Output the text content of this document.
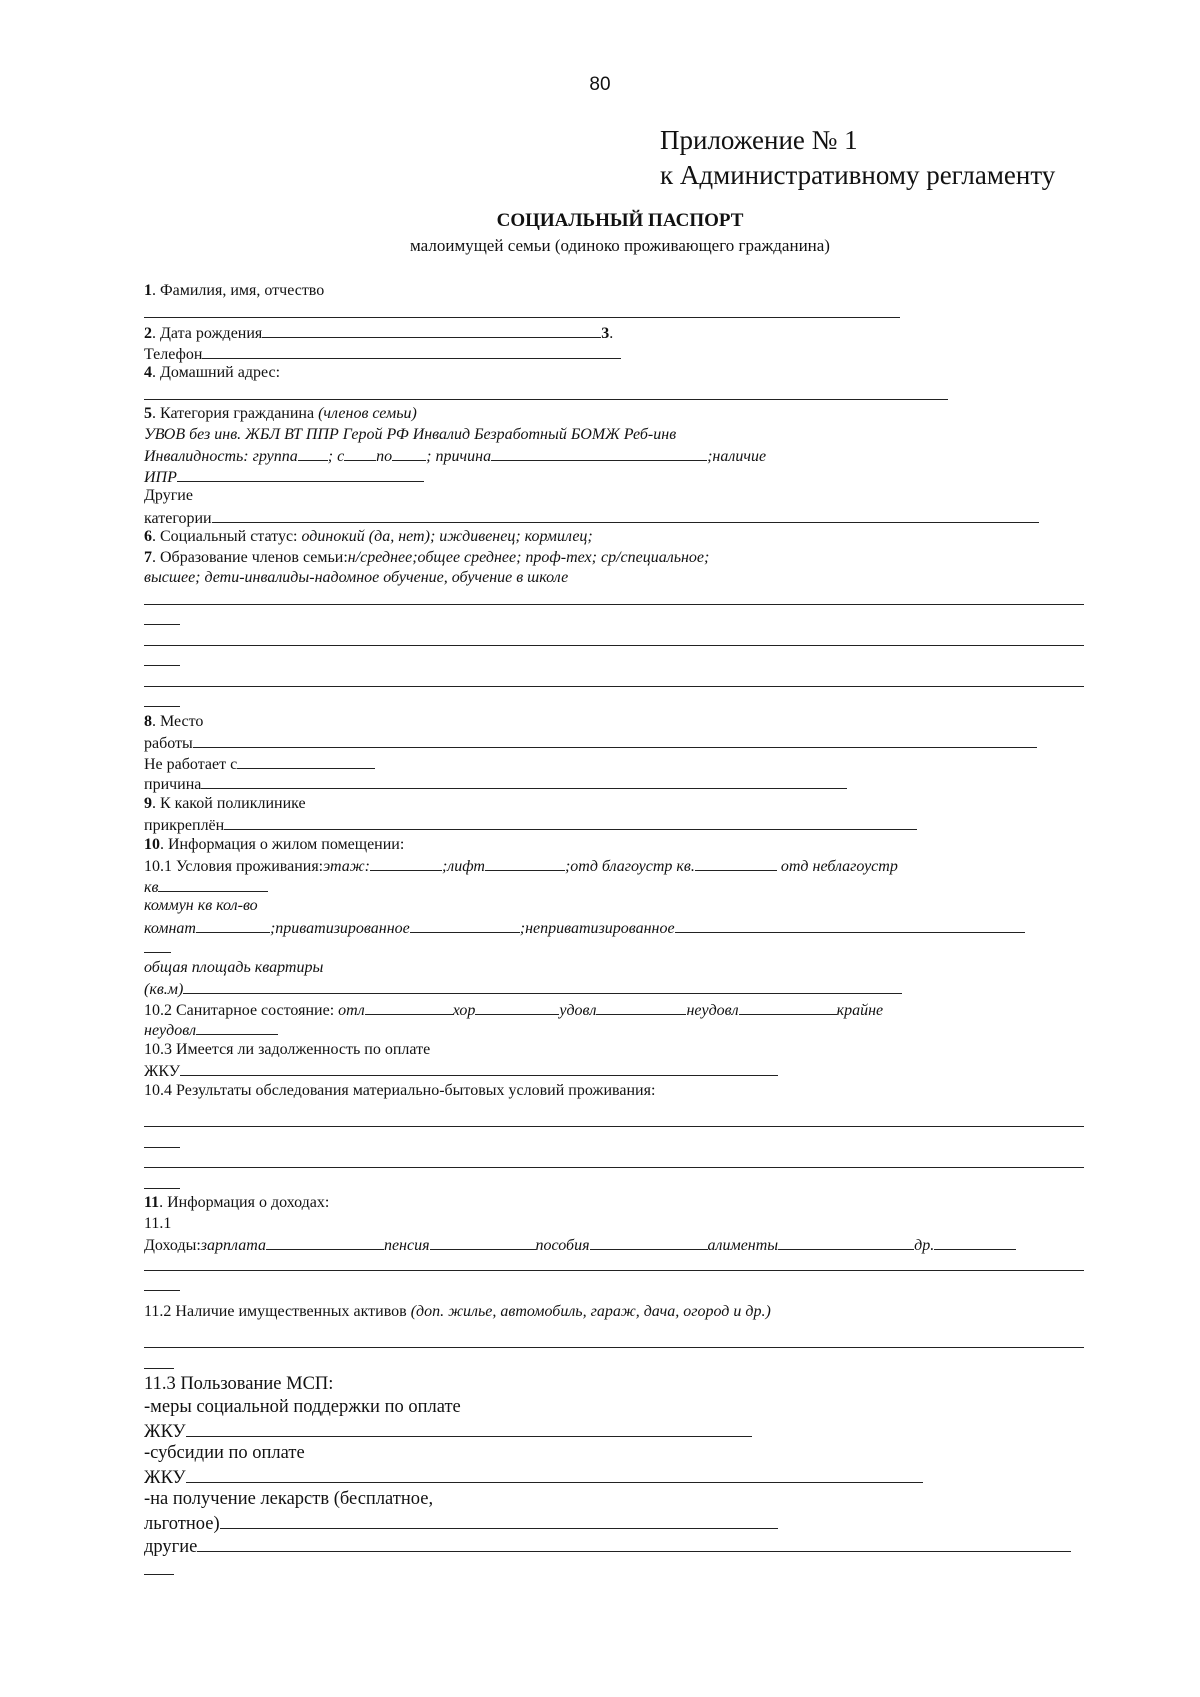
80
Приложение № 1
к Административному регламенту
СОЦИАЛЬНЫЙ ПАСПОРТ
малоимущей семьи (одиноко проживающего гражданина)
1. Фамилия, имя, отчество
2. Дата рождения	3.
Телефон
4. Домашний адрес:
5. Категория гражданина (членов семьи)
УВОВ без инв. ЖБЛ ВТ ППР Герой РФ Инвалид Безработный БОМЖ Реб-инв
Инвалидность: группа ; с по ; причина	;наличие
ИПР
Другие
категории
6. Социальный статус: одинокий (да, нет); иждивенец; кормилец;
7. Образование членов семьи:н/среднее;общее среднее; проф-тех; ср/специальное;
высшее; дети-инвалиды-надомное обучение, обучение в школе
8. Место
работы
Не работает с
причина
9. К какой поликлинике
прикреплён
10. Информация о жилом помещении:
10.1 Условия проживания:этаж:	;лифт	;отд благоустр кв.	отд неблагоустр
кв
коммун кв кол-во
комнат	;приватизированное	;неприватизированное
общая площадь квартиры
(кв.м)
10.2 Санитарное состояние: отл	хор	удовл	неудовл	крайне
неудовл
10.3 Имеется ли задолженность по оплате
ЖКУ
10.4 Результаты обследования материально-бытовых условий проживания:
11. Информация о доходах:
11.1
Доходы:зарплата	пенсия	пособия	алименты	др.
11.2 Наличие имущественных активов (доп. жилье, автомобиль, гараж, дача, огород и др.)
11.3 Пользование МСП:
-меры социальной поддержки по оплате
ЖКУ
-субсидии по оплате
ЖКУ
-на получение лекарств (бесплатное,
льготное)
другие
